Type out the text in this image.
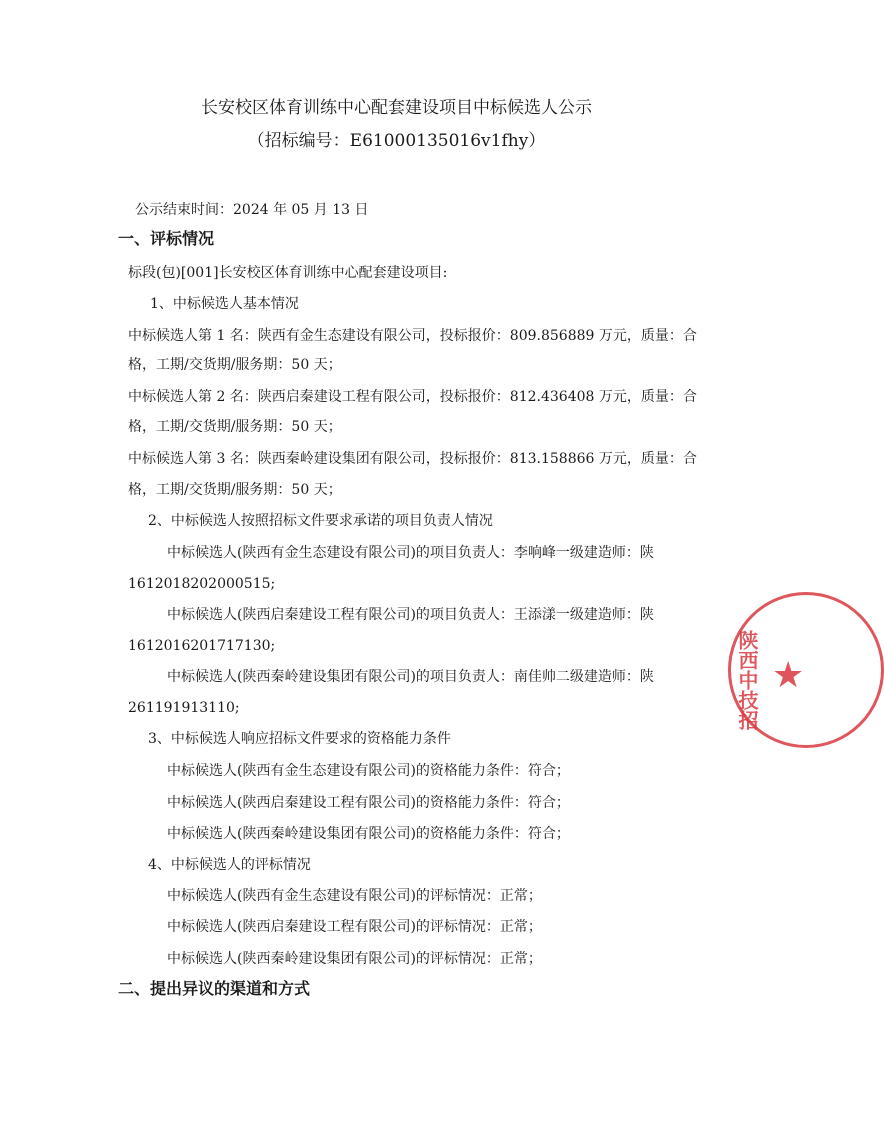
长安校区体育训练中心配套建设项目中标候选人公示
（招标编号：E61000135016v1fhy）
公示结束时间：2024 年 05 月 13 日
一、评标情况
标段(包)[001]长安校区体育训练中心配套建设项目:
1、中标候选人基本情况
中标候选人第 1 名：陕西有金生态建设有限公司，投标报价：809.856889 万元，质量：合
格，工期/交货期/服务期：50 天；
中标候选人第 2 名：陕西启秦建设工程有限公司，投标报价：812.436408 万元，质量：合
格，工期/交货期/服务期：50 天；
中标候选人第 3 名：陕西秦岭建设集团有限公司，投标报价：813.158866 万元，质量：合
格，工期/交货期/服务期：50 天；
2、中标候选人按照招标文件要求承诺的项目负责人情况
中标候选人(陕西有金生态建设有限公司)的项目负责人：李响峰一级建造师：陕
1612018202000515;
中标候选人(陕西启秦建设工程有限公司)的项目负责人：王添漾一级建造师：陕
1612016201717130;
中标候选人(陕西秦岭建设集团有限公司)的项目负责人：南佳帅二级建造师：陕
261191913110;
3、中标候选人响应招标文件要求的资格能力条件
中标候选人(陕西有金生态建设有限公司)的资格能力条件：符合；
中标候选人(陕西启秦建设工程有限公司)的资格能力条件：符合；
中标候选人(陕西秦岭建设集团有限公司)的资格能力条件：符合；
4、中标候选人的评标情况
中标候选人(陕西有金生态建设有限公司)的评标情况：正常；
中标候选人(陕西启秦建设工程有限公司)的评标情况：正常；
中标候选人(陕西秦岭建设集团有限公司)的评标情况：正常；
二、提出异议的渠道和方式
陕西中技招 ★
